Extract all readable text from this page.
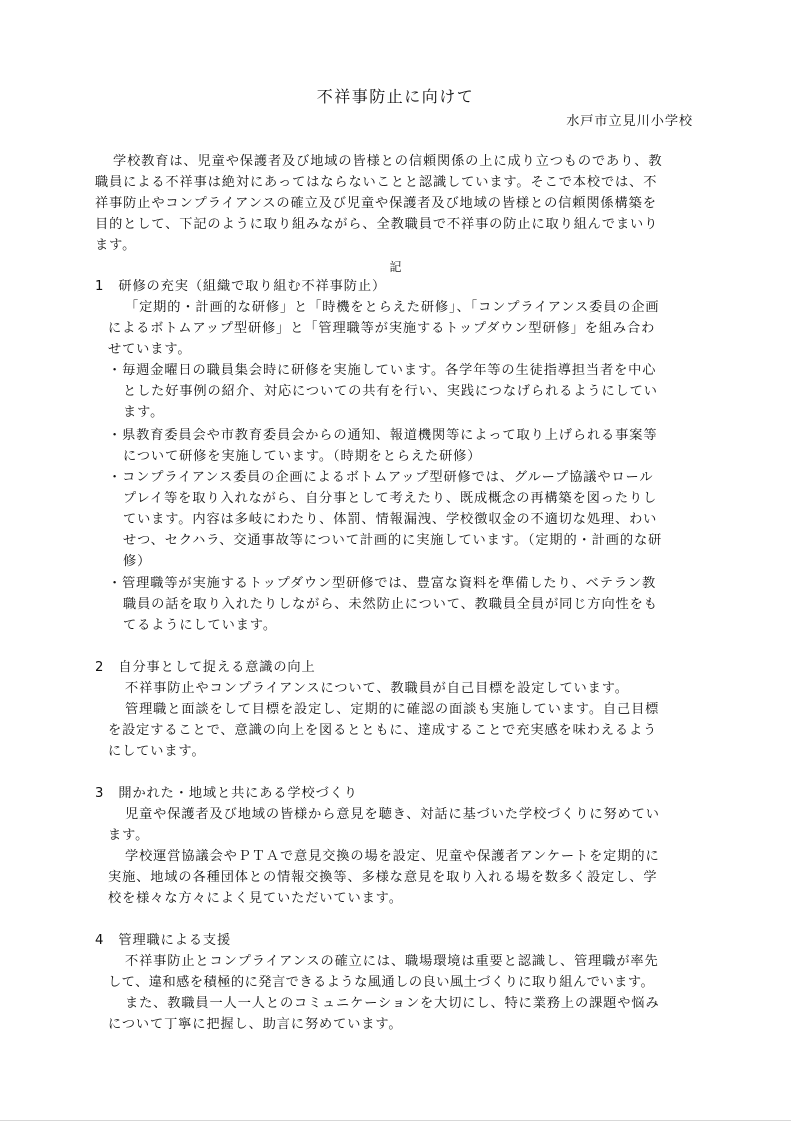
不祥事防止に向けて
水戸市立見川小学校
学校教育は、児童や保護者及び地域の皆様との信頼関係の上に成り立つものであり、教
職員による不祥事は絶対にあってはならないことと認識しています。そこで本校では、不
祥事防止やコンプライアンスの確立及び児童や保護者及び地域の皆様との信頼関係構築を
目的として、下記のように取り組みながら、全教職員で不祥事の防止に取り組んでまいり
ます。
記
1　研修の充実（組織で取り組む不祥事防止）
「定期的・計画的な研修」と「時機をとらえた研修」、「コンプライアンス委員の企画
によるボトムアップ型研修」と「管理職等が実施するトップダウン型研修」を組み合わ
せています。
・毎週金曜日の職員集会時に研修を実施しています。各学年等の生徒指導担当者を中心
とした好事例の紹介、対応についての共有を行い、実践につなげられるようにしてい
ます。
・県教育委員会や市教育委員会からの通知、報道機関等によって取り上げられる事案等
について研修を実施しています。（時期をとらえた研修）
・コンプライアンス委員の企画によるボトムアップ型研修では、グループ協議やロール
プレイ等を取り入れながら、自分事として考えたり、既成概念の再構築を図ったりし
ています。内容は多岐にわたり、体罰、情報漏洩、学校徴収金の不適切な処理、わい
せつ、セクハラ、交通事故等について計画的に実施しています。（定期的・計画的な研
修）
・管理職等が実施するトップダウン型研修では、豊富な資料を準備したり、ベテラン教
職員の話を取り入れたりしながら、未然防止について、教職員全員が同じ方向性をも
てるようにしています。
2　自分事として捉える意識の向上
不祥事防止やコンプライアンスについて、教職員が自己目標を設定しています。
管理職と面談をして目標を設定し、定期的に確認の面談も実施しています。自己目標
を設定することで、意識の向上を図るとともに、達成することで充実感を味わえるよう
にしています。
3　開かれた・地域と共にある学校づくり
児童や保護者及び地域の皆様から意見を聴き、対話に基づいた学校づくりに努めてい
ます。
学校運営協議会やＰＴＡで意見交換の場を設定、児童や保護者アンケートを定期的に
実施、地域の各種団体との情報交換等、多様な意見を取り入れる場を数多く設定し、学
校を様々な方々によく見ていただいています。
4　管理職による支援
不祥事防止とコンプライアンスの確立には、職場環境は重要と認識し、管理職が率先
して、違和感を積極的に発言できるような風通しの良い風土づくりに取り組んでいます。
また、教職員一人一人とのコミュニケーションを大切にし、特に業務上の課題や悩み
について丁寧に把握し、助言に努めています。
